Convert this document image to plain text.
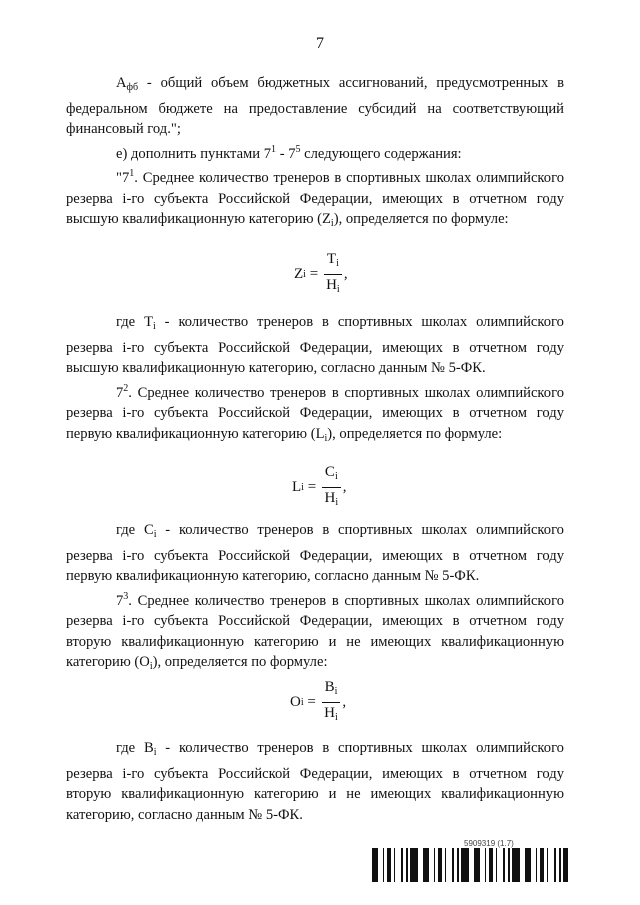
7

$А_{фб}$ - общий объем бюджетных ассигнований, предусмотренных в федеральном бюджете на предоставление субсидий на соответствующий финансовый год.";

е) дополнить пунктами $7^1 - 7^5$ следующего содержания:

"$7^1$. Среднее количество тренеров в спортивных школах олимпийского резерва i-го субъекта Российской Федерации, имеющих в отчетном году высшую квалификационную категорию $(Z_i)$, определяется по формуле:

Z $i = \frac{T_i}{H_i}$ ,

где $T_i$ - количество тренеров в спортивных школах олимпийского резерва i-го субъекта Российской Федерации, имеющих в отчетном году высшую квалификационную категорию, согласно данным № 5-ФК.

$7^2$. Среднее количество тренеров в спортивных школах олимпийского резерва i-го субъекта Российской Федерации, имеющих в отчетном году первую квалификационную категорию $(L_i)$, определяется по формуле:

L $i = \frac{C_i}{H_i}$ ,

где $C_i$ - количество тренеров в спортивных школах олимпийского резерва i-го субъекта Российской Федерации, имеющих в отчетном году первую квалификационную категорию, согласно данным № 5-ФК.

$7^3$. Среднее количество тренеров в спортивных школах олимпийского резерва i-го субъекта Российской Федерации, имеющих в отчетном году вторую квалификационную категорию и не имеющих квалификационную категорию $(O_i)$, определяется по формуле:

O $i = \frac{B_i}{H_i}$ ,

где $B_i$ - количество тренеров в спортивных школах олимпийского резерва i-го субъекта Российской Федерации, имеющих в отчетном году вторую квалификационную категорию и не имеющих квалификационную категорию, согласно данным № 5-ФК.

5909319 (1.7)
